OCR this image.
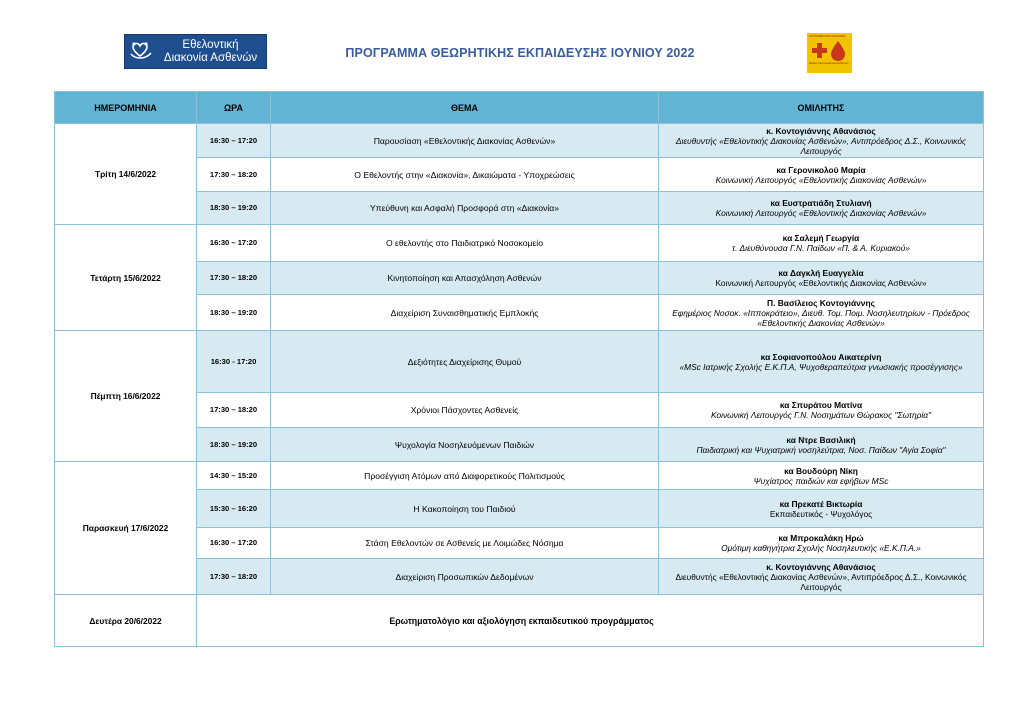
Εθελοντική
Διακονία Ασθενών	ΠΡΟΓΡΑΜΜΑ ΘΕΩΡΗΤΙΚΗΣ ΕΚΠΑΙΔΕΥΣΗΣ ΙΟΥΝΙΟΥ 2022
ΑΚΤΙΝΟΒΟΛΟΣ ΔΙΑΚΟΝΙΑ
Εθελοντική Διακονία Ασθενών
ΗΜΕΡΟΜΗΝΙΑ	ΩΡΑ	ΘΕΜΑ	ΟΜΙΛΗΤΗΣ
Τρίτη 14/6/2022	16:30 – 17:20	Παρουσίαση «Εθελοντικής Διακονίας Ασθενών»	κ. Κοντογιάννης Αθανάσιος
Διευθυντής «Εθελοντικής Διακονίας Ασθενών», Αντιπρόεδρος Δ.Σ., Κοινωνικός Λειτουργός

	17:30 – 18:20	Ο Εθελοντής στην «Διακονία», Δικαιώματα - Υποχρεώσεις	κα Γερονικολού Μαρία
Κοινωνική Λειτουργός «Εθελοντικής Διακονίας Ασθενών»

	18:30 – 19:20	Υπεύθυνη και Ασφαλή Προσφορά στη «Διακονία»	κα Ευστρατιάδη Στυλιανή
Κοινωνική Λειτουργός «Εθελοντικής Διακονίας Ασθενών»

Τετάρτη 15/6/2022	16:30 – 17:20	Ο εθελοντής στο Παιδιατρικό Νοσοκομείο	κα Σαλεμή Γεωργία
τ. Διευθύνουσα Γ.Ν. Παίδων «Π. & Α. Κυριακού»

	17:30 – 18:20	Κινητοποίηση και Απασχόληση Ασθενών	κα Δαγκλή Ευαγγελία
Κοινωνική Λειτουργός «Εθελοντικής Διακονίας Ασθενών»

	18:30 – 19:20	Διαχείριση Συναισθηματικής Εμπλοκής	Π. Βασίλειος Κοντογιάννης
Εφημέριος Νοσοκ. «Ιπποκράτειο», Διευθ. Τομ. Ποιμ. Νοσηλευτηρίων - Πρόεδρος «Εθελοντικής Διακονίας Ασθενών»

Πέμπτη 16/6/2022	16:30 - 17:20	Δεξιότητες Διαχείρισης Θυμού	κα Σοφιανοπούλου Αικατερίνη
«MSc Ιατρικής Σχολής Ε.Κ.Π.Α, Ψυχοθεραπεύτρια γνωσιακής προσέγγισης»

	17:30 – 18:20	Χρόνιοι Πάσχοντες Ασθενείς	κα Σπυράτου Ματίνα
Κοινωνική Λειτουργός Γ.Ν. Νοσημάτων Θώρακος "Σωτηρία"

	18:30 – 19:20	Ψυχολογία Νοσηλευόμενων Παιδιών	κα Ντρε Βασιλική
Παιδιατρική και Ψυχιατρική νοσηλεύτρια, Νοσ. Παίδων "Αγία Σοφία"

Παρασκευή 17/6/2022	14:30 – 15:20	Προσέγγιση Ατόμων από Διαφορετικούς Πολιτισμούς	κα Βουδούρη Νίκη
Ψυχίατρος παιδιών και εφήβων MSc

	15:30 – 16:20	Η Κακοποίηση του Παιδιού	κα Πρεκατέ Βικτωρία
Εκπαιδευτικός - Ψυχολόγος

	16:30 – 17:20	Στάση Εθελοντών σε Ασθενείς με Λοιμώδες Νόσημα	κα Μπροκαλάκη Ηρώ
Ομότιμη καθηγήτρια Σχολής Νοσηλευτικής «Ε.Κ.Π.Α.»

	17:30 – 18:20	Διαχείριση Προσωπικών Δεδομένων	κ. Κοντογιάννης Αθανάσιος
Διευθυντής «Εθελοντικής Διακονίας Ασθενών», Αντιπρόεδρος Δ.Σ., Κοινωνικός Λειτουργός

Δευτέρα 20/6/2022	Ερωτηματολόγιο και αξιολόγηση εκπαιδευτικού προγράμματος		
